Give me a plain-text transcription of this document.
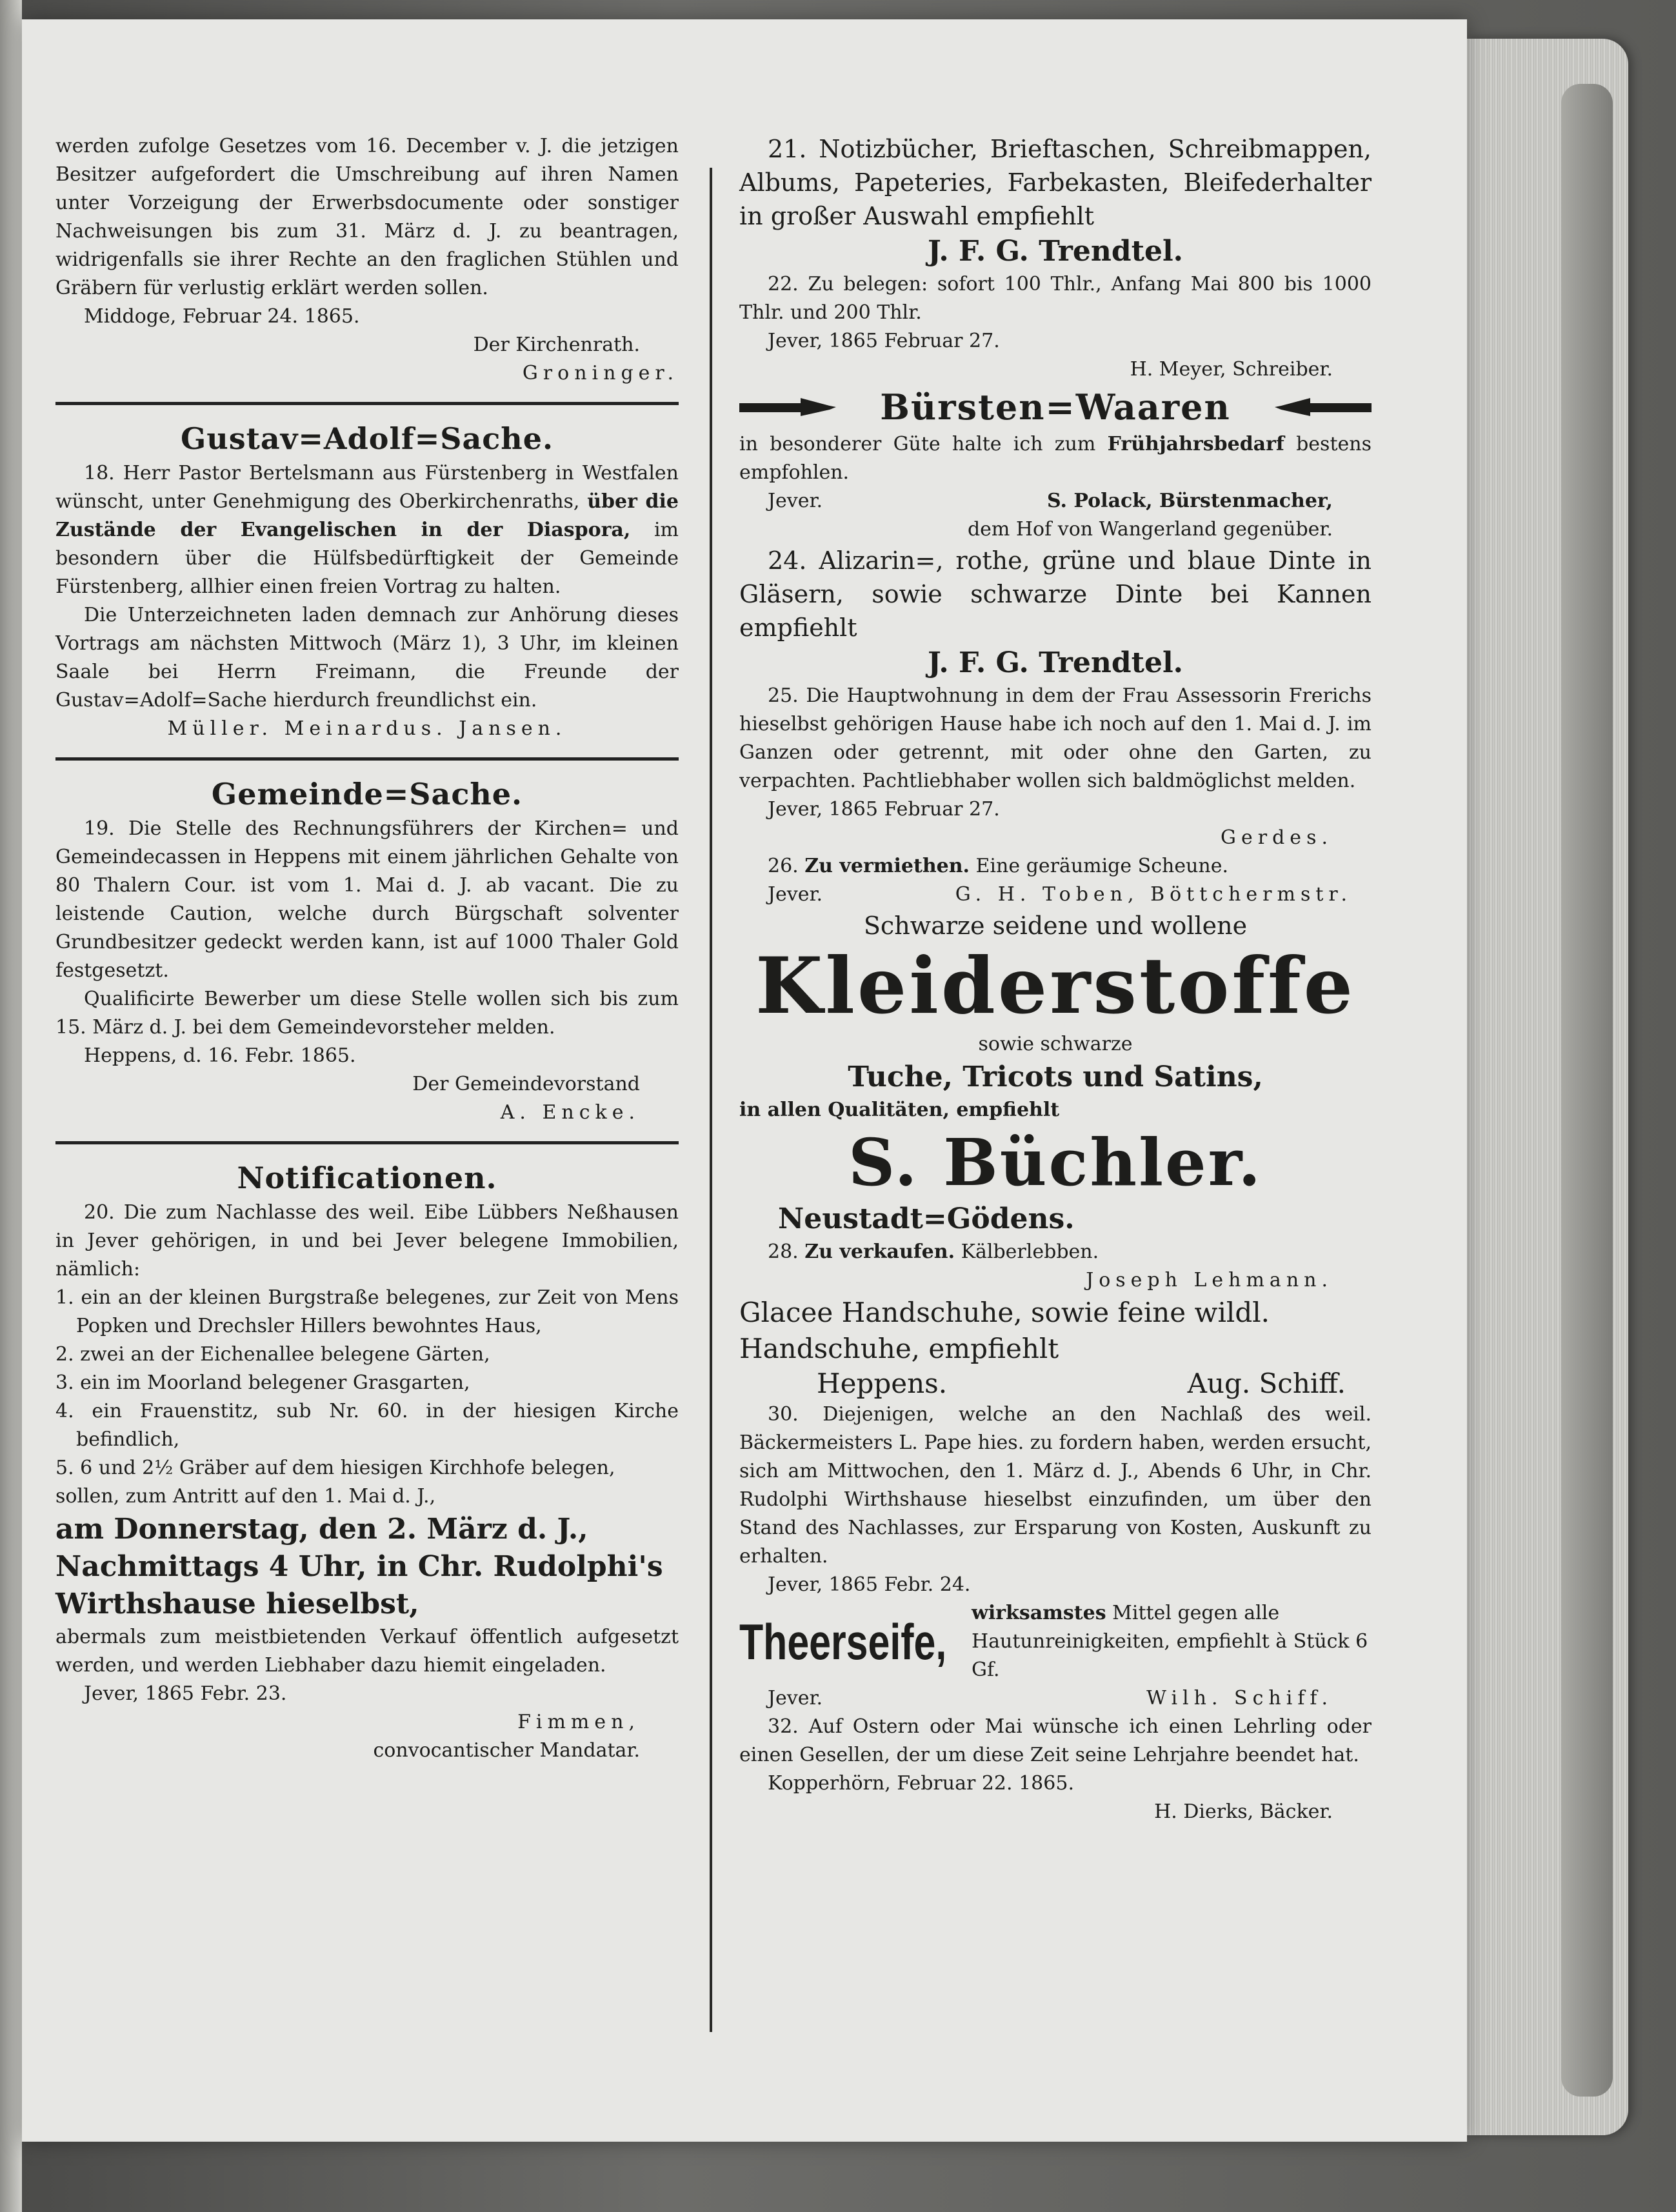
werden zufolge Gesetzes vom 16. December v. J. die jetzigen Besitzer aufgefordert die Umschreibung auf ihren Namen unter Vorzeigung der Erwerbsdocumente oder sonstiger Nachweisungen bis zum 31. März d. J. zu beantragen, widrigenfalls sie ihrer Rechte an den fraglichen Stühlen und Gräbern für verlustig erklärt werden sollen.

Middoge, Februar 24. 1865.

Der Kirchenrath.

Groninger.

Gustav=Adolf=Sache.

18. Herr Pastor Bertelsmann aus Fürstenberg in Westfalen wünscht, unter Genehmigung des Oberkirchenraths, über die Zustände der Evangelischen in der Diaspora, im besondern über die Hülfsbedürftigkeit der Gemeinde Fürstenberg, allhier einen freien Vortrag zu halten.

Die Unterzeichneten laden demnach zur Anhörung dieses Vortrags am nächsten Mittwoch (März 1), 3 Uhr, im kleinen Saale bei Herrn Freimann, die Freunde der Gustav=Adolf=Sache hierdurch freundlichst ein.

Müller. Meinardus. Jansen.

Gemeinde=Sache.

19. Die Stelle des Rechnungsführers der Kirchen= und Gemeindecassen in Heppens mit einem jährlichen Gehalte von 80 Thalern Cour. ist vom 1. Mai d. J. ab vacant. Die zu leistende Caution, welche durch Bürgschaft solventer Grundbesitzer gedeckt werden kann, ist auf 1000 Thaler Gold festgesetzt.

Qualificirte Bewerber um diese Stelle wollen sich bis zum 15. März d. J. bei dem Gemeindevorsteher melden.

Heppens, d. 16. Febr. 1865.

Der Gemeindevorstand

A. Encke.

Notificationen.

20. Die zum Nachlasse des weil. Eibe Lübbers Neßhausen in Jever gehörigen, in und bei Jever belegene Immobilien, nämlich:

1. ein an der kleinen Burgstraße belegenes, zur Zeit von Mens Popken und Drechsler Hillers bewohntes Haus,

2. zwei an der Eichenallee belegene Gärten,

3. ein im Moorland belegener Grasgarten,

4. ein Frauenstitz, sub Nr. 60. in der hiesigen Kirche befindlich,

5. 6 und 2½ Gräber auf dem hiesigen Kirchhofe belegen,

sollen, zum Antritt auf den 1. Mai d. J.,

am Donnerstag, den 2. März d. J., Nachmittags 4 Uhr, in Chr. Rudolphi's Wirthshause hieselbst,

abermals zum meistbietenden Verkauf öffentlich aufgesetzt werden, und werden Liebhaber dazu hiemit eingeladen.

Jever, 1865 Febr. 23.

Fimmen,

convocantischer Mandatar.

21. Notizbücher, Brieftaschen, Schreibmappen, Albums, Papeteries, Farbekasten, Bleifederhalter in großer Auswahl empfiehlt

J. F. G. Trendtel.

22. Zu belegen: sofort 100 Thlr., Anfang Mai 800 bis 1000 Thlr. und 200 Thlr.

Jever, 1865 Februar 27.

H. Meyer, Schreiber.

Bürsten=Waaren

in besonderer Güte halte ich zum Frühjahrsbedarf bestens empfohlen.

Jever.	S. Polack, Bürstenmacher,

dem Hof von Wangerland gegenüber.

24. Alizarin=, rothe, grüne und blaue Dinte in Gläsern, sowie schwarze Dinte bei Kannen empfiehlt

J. F. G. Trendtel.

25. Die Hauptwohnung in dem der Frau Assessorin Frerichs hieselbst gehörigen Hause habe ich noch auf den 1. Mai d. J. im Ganzen oder getrennt, mit oder ohne den Garten, zu verpachten. Pachtliebhaber wollen sich baldmöglichst melden.

Jever, 1865 Februar 27.

Gerdes.

26. Zu vermiethen. Eine geräumige Scheune.

Jever.	G. H. Toben, Böttchermstr.

Schwarze seidene und wollene

Kleiderstoffe

sowie schwarze

Tuche, Tricots und Satins,

in allen Qualitäten, empfiehlt

S. Büchler.

Neustadt=Gödens.

28. Zu verkaufen. Kälberlebben.

Joseph Lehmann.

Glacee Handschuhe, sowie feine wildl. Handschuhe, empfiehlt

Heppens.	Aug. Schiff.

30. Diejenigen, welche an den Nachlaß des weil. Bäckermeisters L. Pape hies. zu fordern haben, werden ersucht, sich am Mittwochen, den 1. März d. J., Abends 6 Uhr, in Chr. Rudolphi Wirthshause hieselbst einzufinden, um über den Stand des Nachlasses, zur Ersparung von Kosten, Auskunft zu erhalten.

Jever, 1865 Febr. 24.

Theerseife,

wirksamstes Mittel gegen alle Hautunreinigkeiten, empfiehlt à Stück 6 Gf.

Jever.	Wilh. Schiff.

32. Auf Ostern oder Mai wünsche ich einen Lehrling oder einen Gesellen, der um diese Zeit seine Lehrjahre beendet hat.

Kopperhörn, Februar 22. 1865.

H. Dierks, Bäcker.
